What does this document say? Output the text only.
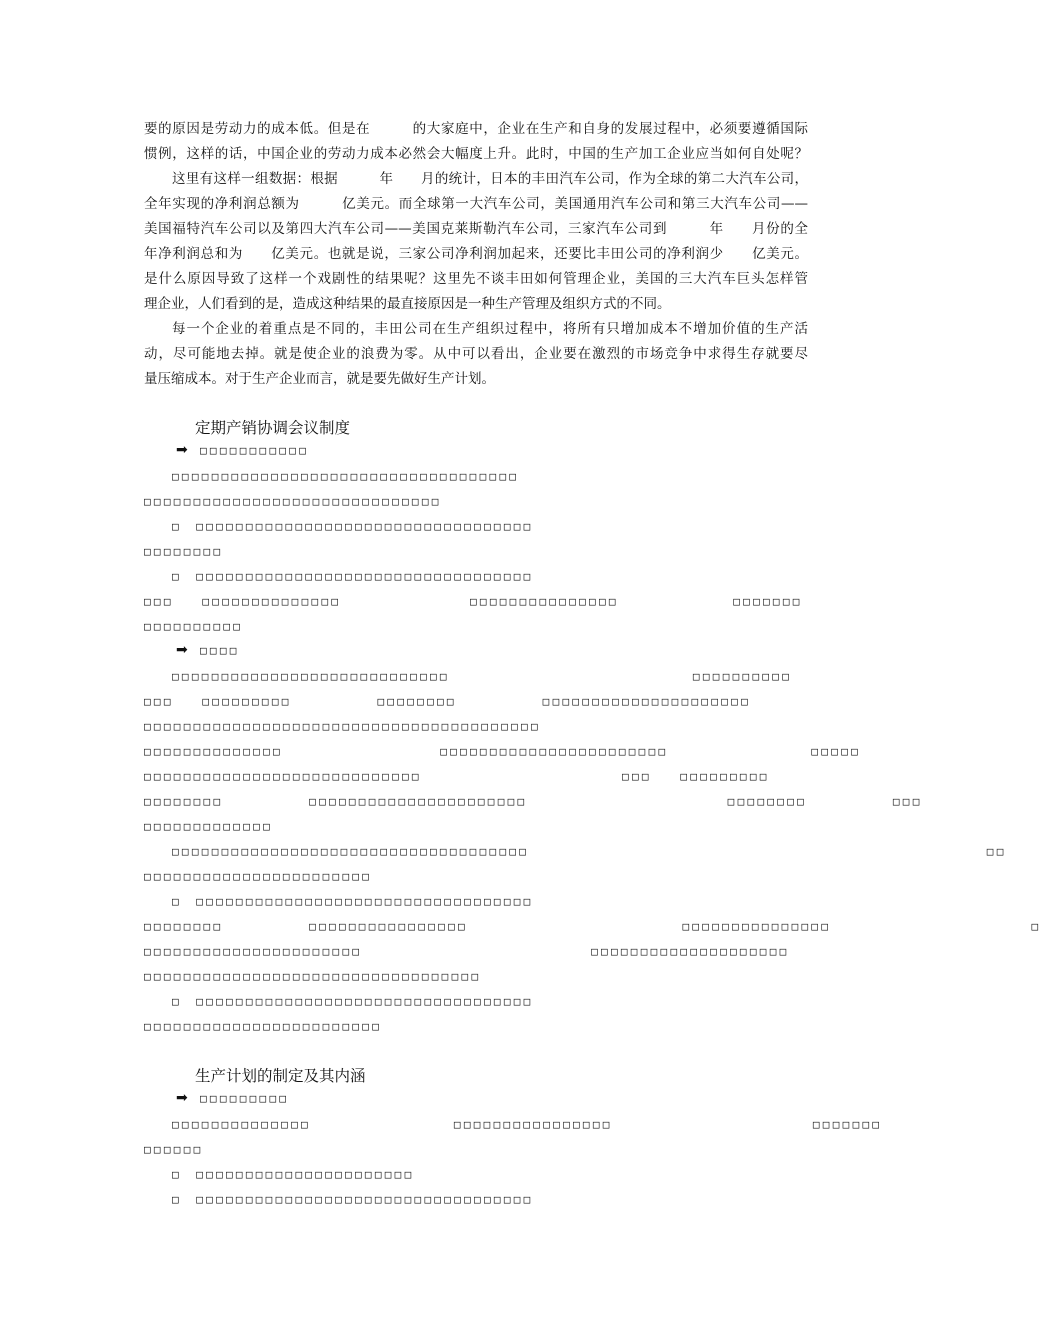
要的原因是劳动力的成本低。但是在　　　的大家庭中，企业在生产和自身的发展过程中，必须要遵循国际
惯例，这样的话，中国企业的劳动力成本必然会大幅度上升。此时，中国的生产加工企业应当如何自处呢？
这里有这样一组数据：根据　　　年　　月的统计，日本的丰田汽车公司，作为全球的第二大汽车公司，
全年实现的净利润总额为　　　亿美元。而全球第一大汽车公司，美国通用汽车公司和第三大汽车公司——
美国福特汽车公司以及第四大汽车公司——美国克莱斯勒汽车公司，三家汽车公司到　　　年　　月份的全
年净利润总和为　　亿美元。也就是说，三家公司净利润加起来，还要比丰田公司的净利润少　　亿美元。
是什么原因导致了这样一个戏剧性的结果呢？这里先不谈丰田如何管理企业，美国的三大汽车巨头怎样管
理企业，人们看到的是，造成这种结果的最直接原因是一种生产管理及组织方式的不同。
每一个企业的着重点是不同的，丰田公司在生产组织过程中，将所有只增加成本不增加价值的生产活
动，尽可能地去掉。就是使企业的浪费为零。从中可以看出，企业要在激烈的市场竞争中求得生存就要尽
量压缩成本。对于生产企业而言，就是要先做好生产计划。
定期产销协调会议制度
➡ □□□□□□□□□□□
□□□□□□□□□□□□□□□□□□□□□□□□□□□□□□□□□□□
□□□□□□□□□□□□□□□□□□□□□□□□□□□□□□
□　□□□□□□□□□□□□□□□□□□□□□□□□□□□□□□□□□□
□□□□□□□□
□　□□□□□□□□□□□□□□□□□□□□□□□□□□□□□□□□□□
□□□　　□□□□□□□□□□□□□□　　　　　　　　　□□□□□□□□□□□□□□□　　　　　　　　□□□□□□□
□□□□□□□□□□
➡ □□□□
□□□□□□□□□□□□□□□□□□□□□□□□□□□□　　　　　　　　　　　　　　　　　□□□□□□□□□□
□□□　　□□□□□□□□□　　　　　　□□□□□□□□　　　　　　□□□□□□□□□□□□□□□□□□□□□
□□□□□□□□□□□□□□□□□□□□□□□□□□□□□□□□□□□□□□□□
□□□□□□□□□□□□□□　　　　　　　　　　　□□□□□□□□□□□□□□□□□□□□□□□　　　　　　　　　　□□□□□
□□□□□□□□□□□□□□□□□□□□□□□□□□□□　　　　　　　　　　　　　　□□□　　□□□□□□□□□
□□□□□□□□　　　　　　□□□□□□□□□□□□□□□□□□□□□□　　　　　　　　　　　　　　□□□□□□□□　　　　　　□□□
□□□□□□□□□□□□□
□□□□□□□□□□□□□□□□□□□□□□□□□□□□□□□□□□□□　　　　　　　　　　　　　　　　　　　　　　　　　　　　　　　　□□
□□□□□□□□□□□□□□□□□□□□□□□
□　□□□□□□□□□□□□□□□□□□□□□□□□□□□□□□□□□□
□□□□□□□□　　　　　　□□□□□□□□□□□□□□□□　　　　　　　　　　　　　　　□□□□□□□□□□□□□□□　　　　　　　　　　　　　　□
□□□□□□□□□□□□□□□□□□□□□□　　　　　　　　　　　　　　　　□□□□□□□□□□□□□□□□□□□□
□□□□□□□□□□□□□□□□□□□□□□□□□□□□□□□□□□
□　□□□□□□□□□□□□□□□□□□□□□□□□□□□□□□□□□□
□□□□□□□□□□□□□□□□□□□□□□□□
生产计划的制定及其内涵
➡ □□□□□□□□□
□□□□□□□□□□□□□□　　　　　　　　　　□□□□□□□□□□□□□□□□　　　　　　　　　　　　　　□□□□□□□
□□□□□□
□　□□□□□□□□□□□□□□□□□□□□□□
□　□□□□□□□□□□□□□□□□□□□□□□□□□□□□□□□□□□
